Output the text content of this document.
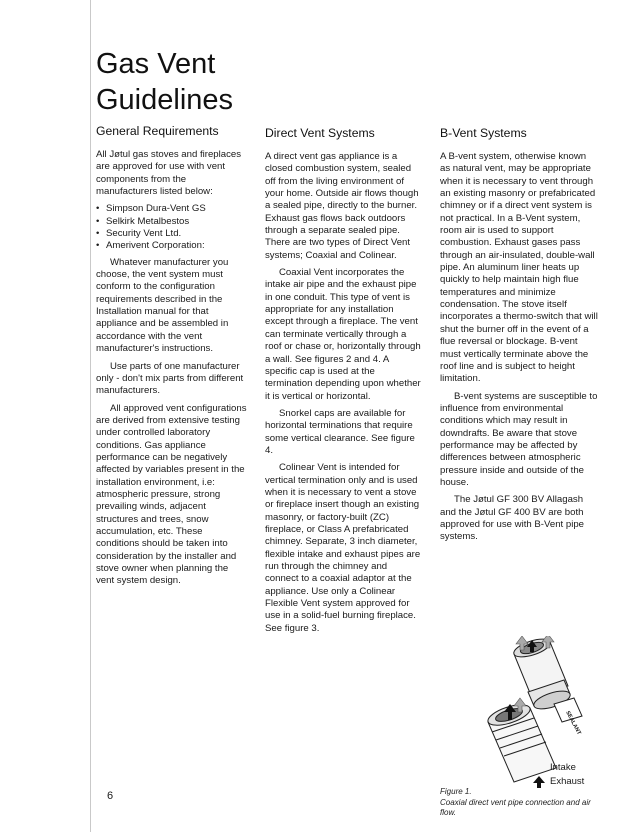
Gas Vent Guidelines
General Requirements

All Jøtul gas stoves and fireplaces are approved for use with vent components from the manufacturers listed below:

• Simpson Dura-Vent GS
• Selkirk Metalbestos
• Security Vent Ltd.
• Amerivent Corporation:

Whatever manufacturer you choose, the vent system must conform to the configuration requirements described in the Installation manual for that appliance and be assembled in accordance with the vent manufacturer's instructions.

Use parts of one manufacturer only - don't mix parts from different manufacturers.

All approved vent configurations are derived from extensive testing under controlled laboratory conditions. Gas appliance performance can be negatively affected by variables present in the installation environment, i.e: atmospheric pressure, strong prevailing winds, adjacent structures and trees, snow accumulation, etc. These conditions should be taken into consideration by the installer and stove owner when planning the vent system design.

Direct Vent Systems

A direct vent gas appliance is a closed combustion system, sealed off from the living environment of your home. Outside air flows though a sealed pipe, directly to the burner. Exhaust gas flows back outdoors through a separate sealed pipe. There are two types of Direct Vent systems; Coaxial and Colinear.

Coaxial Vent incorporates the intake air pipe and the exhaust pipe in one conduit. This type of vent is appropriate for any installation except through a fireplace. The vent can terminate vertically through a roof or chase or, horizontally through a wall. See figures 2 and 4. A specific cap is used at the termination depending upon whether it is vertical or horizontal.

Snorkel caps are available for horizontal terminations that require some vertical clearance. See figure 4.

Colinear Vent is intended for vertical termination only and is used when it is necessary to vent a stove or fireplace insert though an existing masonry, or factory-built (ZC) fireplace, or Class A prefabricated chimney. Separate, 3 inch diameter, flexible intake and exhaust pipes are run through the chimney and connect to a coaxial adaptor at the appliance. Use only a Colinear Flexible Vent system approved for use in a solid-fuel burning fireplace. See figure 3.

B-Vent Systems

A B-vent system, otherwise known as natural vent, may be appropriate when it is necessary to vent through an existing masonry or prefabricated chimney or if a direct vent system is not practical. In a B-Vent system, room air is used to support combustion. Exhaust gases pass through an air-insulated, double-wall pipe. An aluminum liner heats up quickly to help maintain high flue temperatures and minimize condensation. The stove itself incorporates a thermo-switch that will shut the burner off in the event of a flue reversal or blockage. B-vent must vertically terminate above the roof line and is subject to height limitation.

B-vent systems are susceptible to influence from environmental conditions which may result in downdrafts. Be aware that stove performance may be affected by differences between atmospheric pressure inside and outside of the house.

The Jøtul GF 300 BV Allagash and the Jøtul GF 400 BV are both approved for use with B-Vent pipe systems.

SEALANT
Intake
Exhaust
Figure 1.
Coaxial direct vent pipe connection and air flow.
6
